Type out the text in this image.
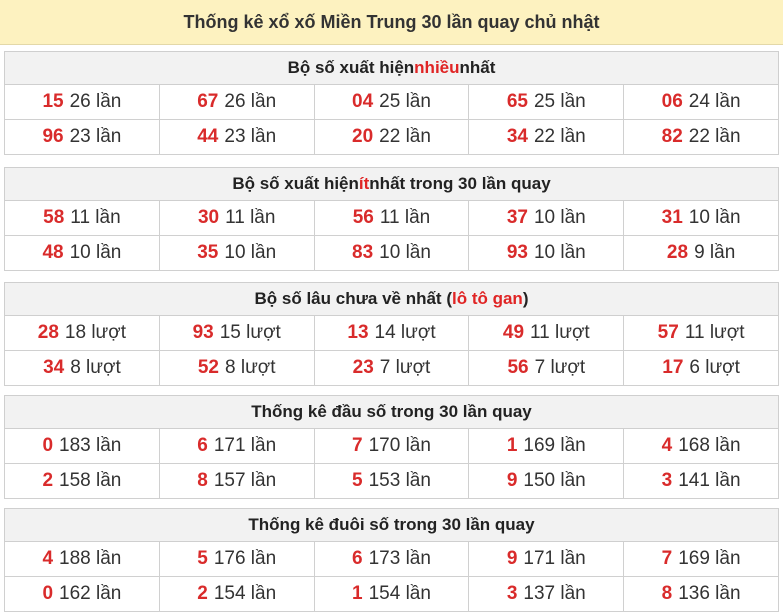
Thống kê xổ xố Miền Trung 30 lần quay chủ nhật
Bộ số xuất hiện nhiều nhất
15 26 lần	67 26 lần	04 25 lần	65 25 lần	06 24 lần
96 23 lần	44 23 lần	20 22 lần	34 22 lần	82 22 lần
Bộ số xuất hiện ít nhất trong 30 lần quay
58 11 lần	30 11 lần	56 11 lần	37 10 lần	31 10 lần
48 10 lần	35 10 lần	83 10 lần	93 10 lần	28 9 lần
Bộ số lâu chưa về nhất ( lô tô gan )
28 18 lượt	93 15 lượt	13 14 lượt	49 11 lượt	57 11 lượt
34 8 lượt	52 8 lượt	23 7 lượt	56 7 lượt	17 6 lượt
Thống kê đầu số trong 30 lần quay
0 183 lần	6 171 lần	7 170 lần	1 169 lần	4 168 lần
2 158 lần	8 157 lần	5 153 lần	9 150 lần	3 141 lần
Thống kê đuôi số trong 30 lần quay
4 188 lần	5 176 lần	6 173 lần	9 171 lần	7 169 lần
0 162 lần	2 154 lần	1 154 lần	3 137 lần	8 136 lần
